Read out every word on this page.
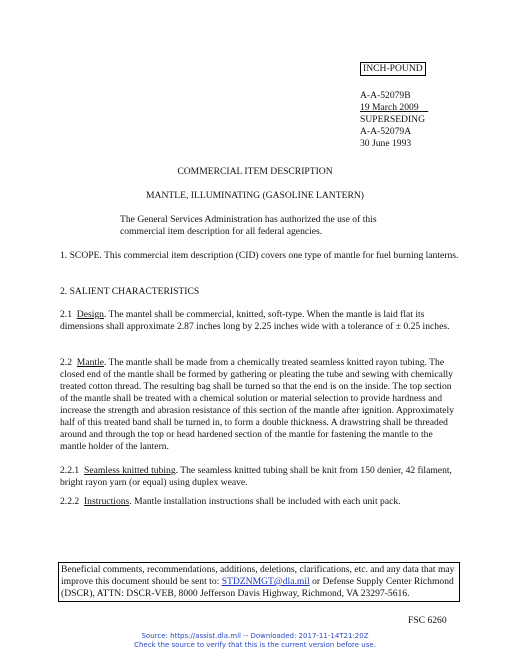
INCH-POUND
A-A-52079B
19 March 2009
SUPERSEDING
A-A-52079A
30 June 1993
COMMERCIAL ITEM DESCRIPTION
MANTLE, ILLUMINATING (GASOLINE LANTERN)
The General Services Administration has authorized the use of this
commercial item description for all federal agencies.
1. SCOPE. This commercial item description (CID) covers one type of mantle for fuel burning lanterns.
2. SALIENT CHARACTERISTICS
2.1 Design. The mantel shall be commercial, knitted, soft-type. When the mantle is laid flat its dimensions shall approximate 2.87 inches long by 2.25 inches wide with a tolerance of ± 0.25 inches.
2.2 Mantle. The mantle shall be made from a chemically treated seamless knitted rayon tubing. The closed end of the mantle shall be formed by gathering or pleating the tube and sewing with chemically treated cotton thread. The resulting bag shall be turned so that the end is on the inside. The top section of the mantle shall be treated with a chemical solution or material selection to provide hardness and increase the strength and abrasion resistance of this section of the mantle after ignition. Approximately half of this treated band shall be turned in, to form a double thickness. A drawstring shall be threaded around and through the top or head hardened section of the mantle for fastening the mantle to the mantle holder of the lantern.
2.2.1 Seamless knitted tubing. The seamless knitted tubing shall be knit from 150 denier, 42 filament, bright rayon yarn (or equal) using duplex weave.
2.2.2 Instructions. Mantle installation instructions shall be included with each unit pack.
Beneficial comments, recommendations, additions, deletions, clarifications, etc. and any data that may improve this document should be sent to: STDZNMGT@dla.mil or Defense Supply Center Richmond (DSCR), ATTN: DSCR-VEB, 8000 Jefferson Davis Highway, Richmond, VA 23297-5616.
FSC 6260
Source: https://assist.dla.mil -- Downloaded: 2017-11-14T21:20Z
Check the source to verify that this is the current version before use.
